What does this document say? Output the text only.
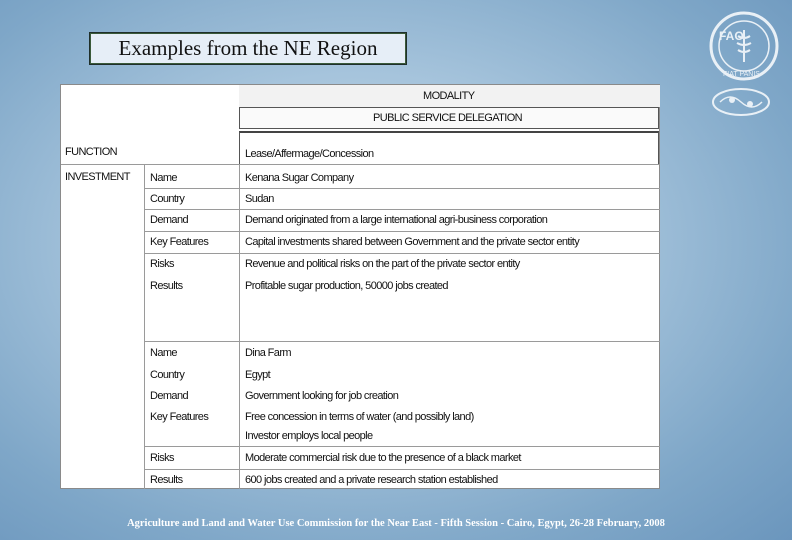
Examples from the NE Region	FAO
FIAT PANIS
MODALITY
PUBLIC SERVICE DELEGATION
Lease/Affermage/Concession
FUNCTION
INVESTMENT Name	Kenana Sugar Company
Country	Sudan
Demand	Demand originated from a large international agri-business corporation
Key Features	Capital investments shared between Government and the private sector entity
Risks	Revenue and political risks on the part of the private sector entity
Results	Profitable sugar production, 50000 jobs created
Name	Dina Farm
Country	Egypt
Demand	Government looking for job creation
Key Features	Free concession in terms of water (and possibly land)
Investor employs local people
Risks	Moderate commercial risk due to the presence of a black market
Results	600 jobs created and a private research station established
Agriculture and Land and Water Use Commission for the Near East - Fifth Session - Cairo, Egypt, 26-28 February, 2008
